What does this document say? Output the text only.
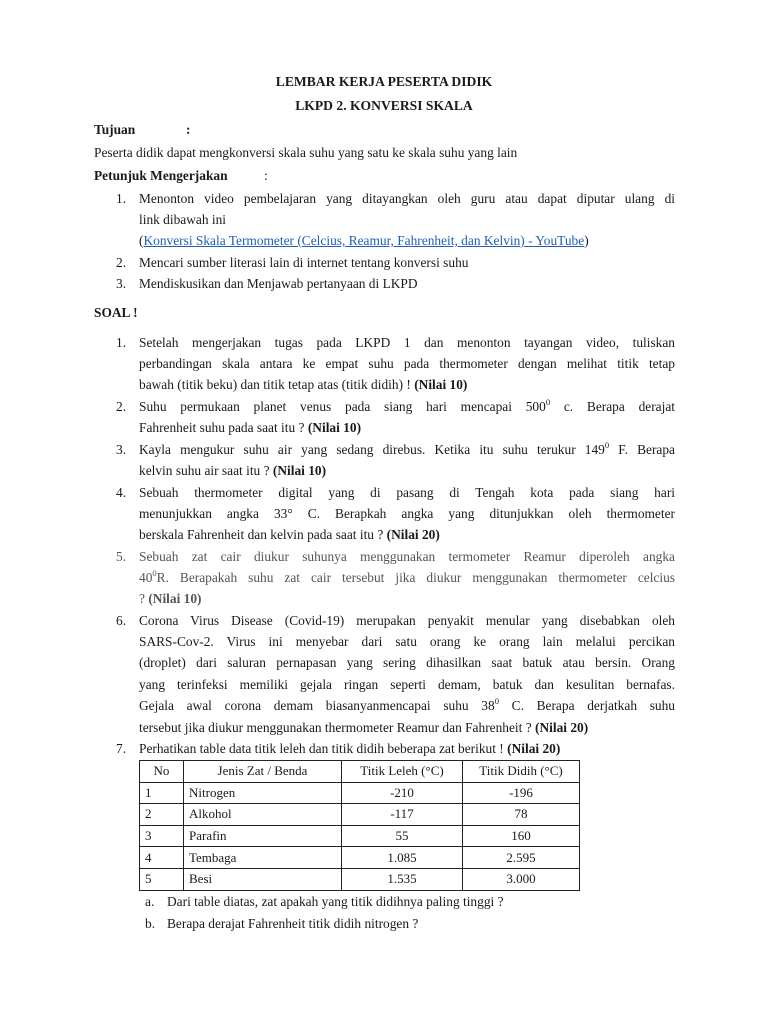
LEMBAR KERJA PESERTA DIDIK
LKPD 2. KONVERSI SKALA
Tujuan	:
Peserta didik dapat mengkonversi skala suhu yang satu ke skala suhu yang lain
Petunjuk Mengerjakan	:
1. Menonton video pembelajaran yang ditayangkan oleh guru atau dapat diputar ulang di
link dibawah ini
(Konversi Skala Termometer (Celcius, Reamur, Fahrenheit, dan Kelvin) - YouTube)
2. Mencari sumber literasi lain di internet tentang konversi suhu
3. Mendiskusikan dan Menjawab pertanyaan di LKPD
SOAL !
1. Setelah mengerjakan tugas pada LKPD 1 dan menonton tayangan video, tuliskan
perbandingan skala antara ke empat suhu pada thermometer dengan melihat titik tetap
bawah (titik beku) dan titik tetap atas (titik didih) ! (Nilai 10)
2. Suhu permukaan planet venus pada siang hari mencapai $500^0$ c. Berapa derajat
Fahrenheit suhu pada saat itu ? (Nilai 10)
3. Kayla mengukur suhu air yang sedang direbus. Ketika itu suhu terukur $149^0$ F. Berapa
kelvin suhu air saat itu ? (Nilai 10)
4. Sebuah thermometer digital yang di pasang di Tengah kota pada siang hari
menunjukkan angka 33° C. Berapkah angka yang ditunjukkan oleh thermometer
berskala Fahrenheit dan kelvin pada saat itu ? (Nilai 20)
5. Sebuah zat cair diukur suhunya menggunakan termometer Reamur diperoleh angka
$40^0R$. Berapakah suhu zat cair tersebut jika diukur menggunakan thermometer celcius
? (Nilai 10)
6. Corona Virus Disease (Covid-19) merupakan penyakit menular yang disebabkan oleh
SARS-Cov-2. Virus ini menyebar dari satu orang ke orang lain melalui percikan
(droplet) dari saluran pernapasan yang sering dihasilkan saat batuk atau bersin. Orang
yang terinfeksi memiliki gejala ringan seperti demam, batuk dan kesulitan bernafas.
Gejala awal corona demam biasanyanmencapai suhu $38^0$ C. Berapa derjatkah suhu
tersebut jika diukur menggunakan thermometer Reamur dan Fahrenheit ? (Nilai 20)
7. Perhatikan table data titik leleh dan titik didih beberapa zat berikut ! (Nilai 20)
No	Jenis Zat / Benda	Titik Leleh (°C)	Titik Didih (°C)
1	Nitrogen	-210	-196
2	Alkohol	-117	78
3	Parafin	55	160
4	Tembaga	1.085	2.595
5	Besi	1.535	3.000
a. Dari table diatas, zat apakah yang titik didihnya paling tinggi ?
b. Berapa derajat Fahrenheit titik didih nitrogen ?
